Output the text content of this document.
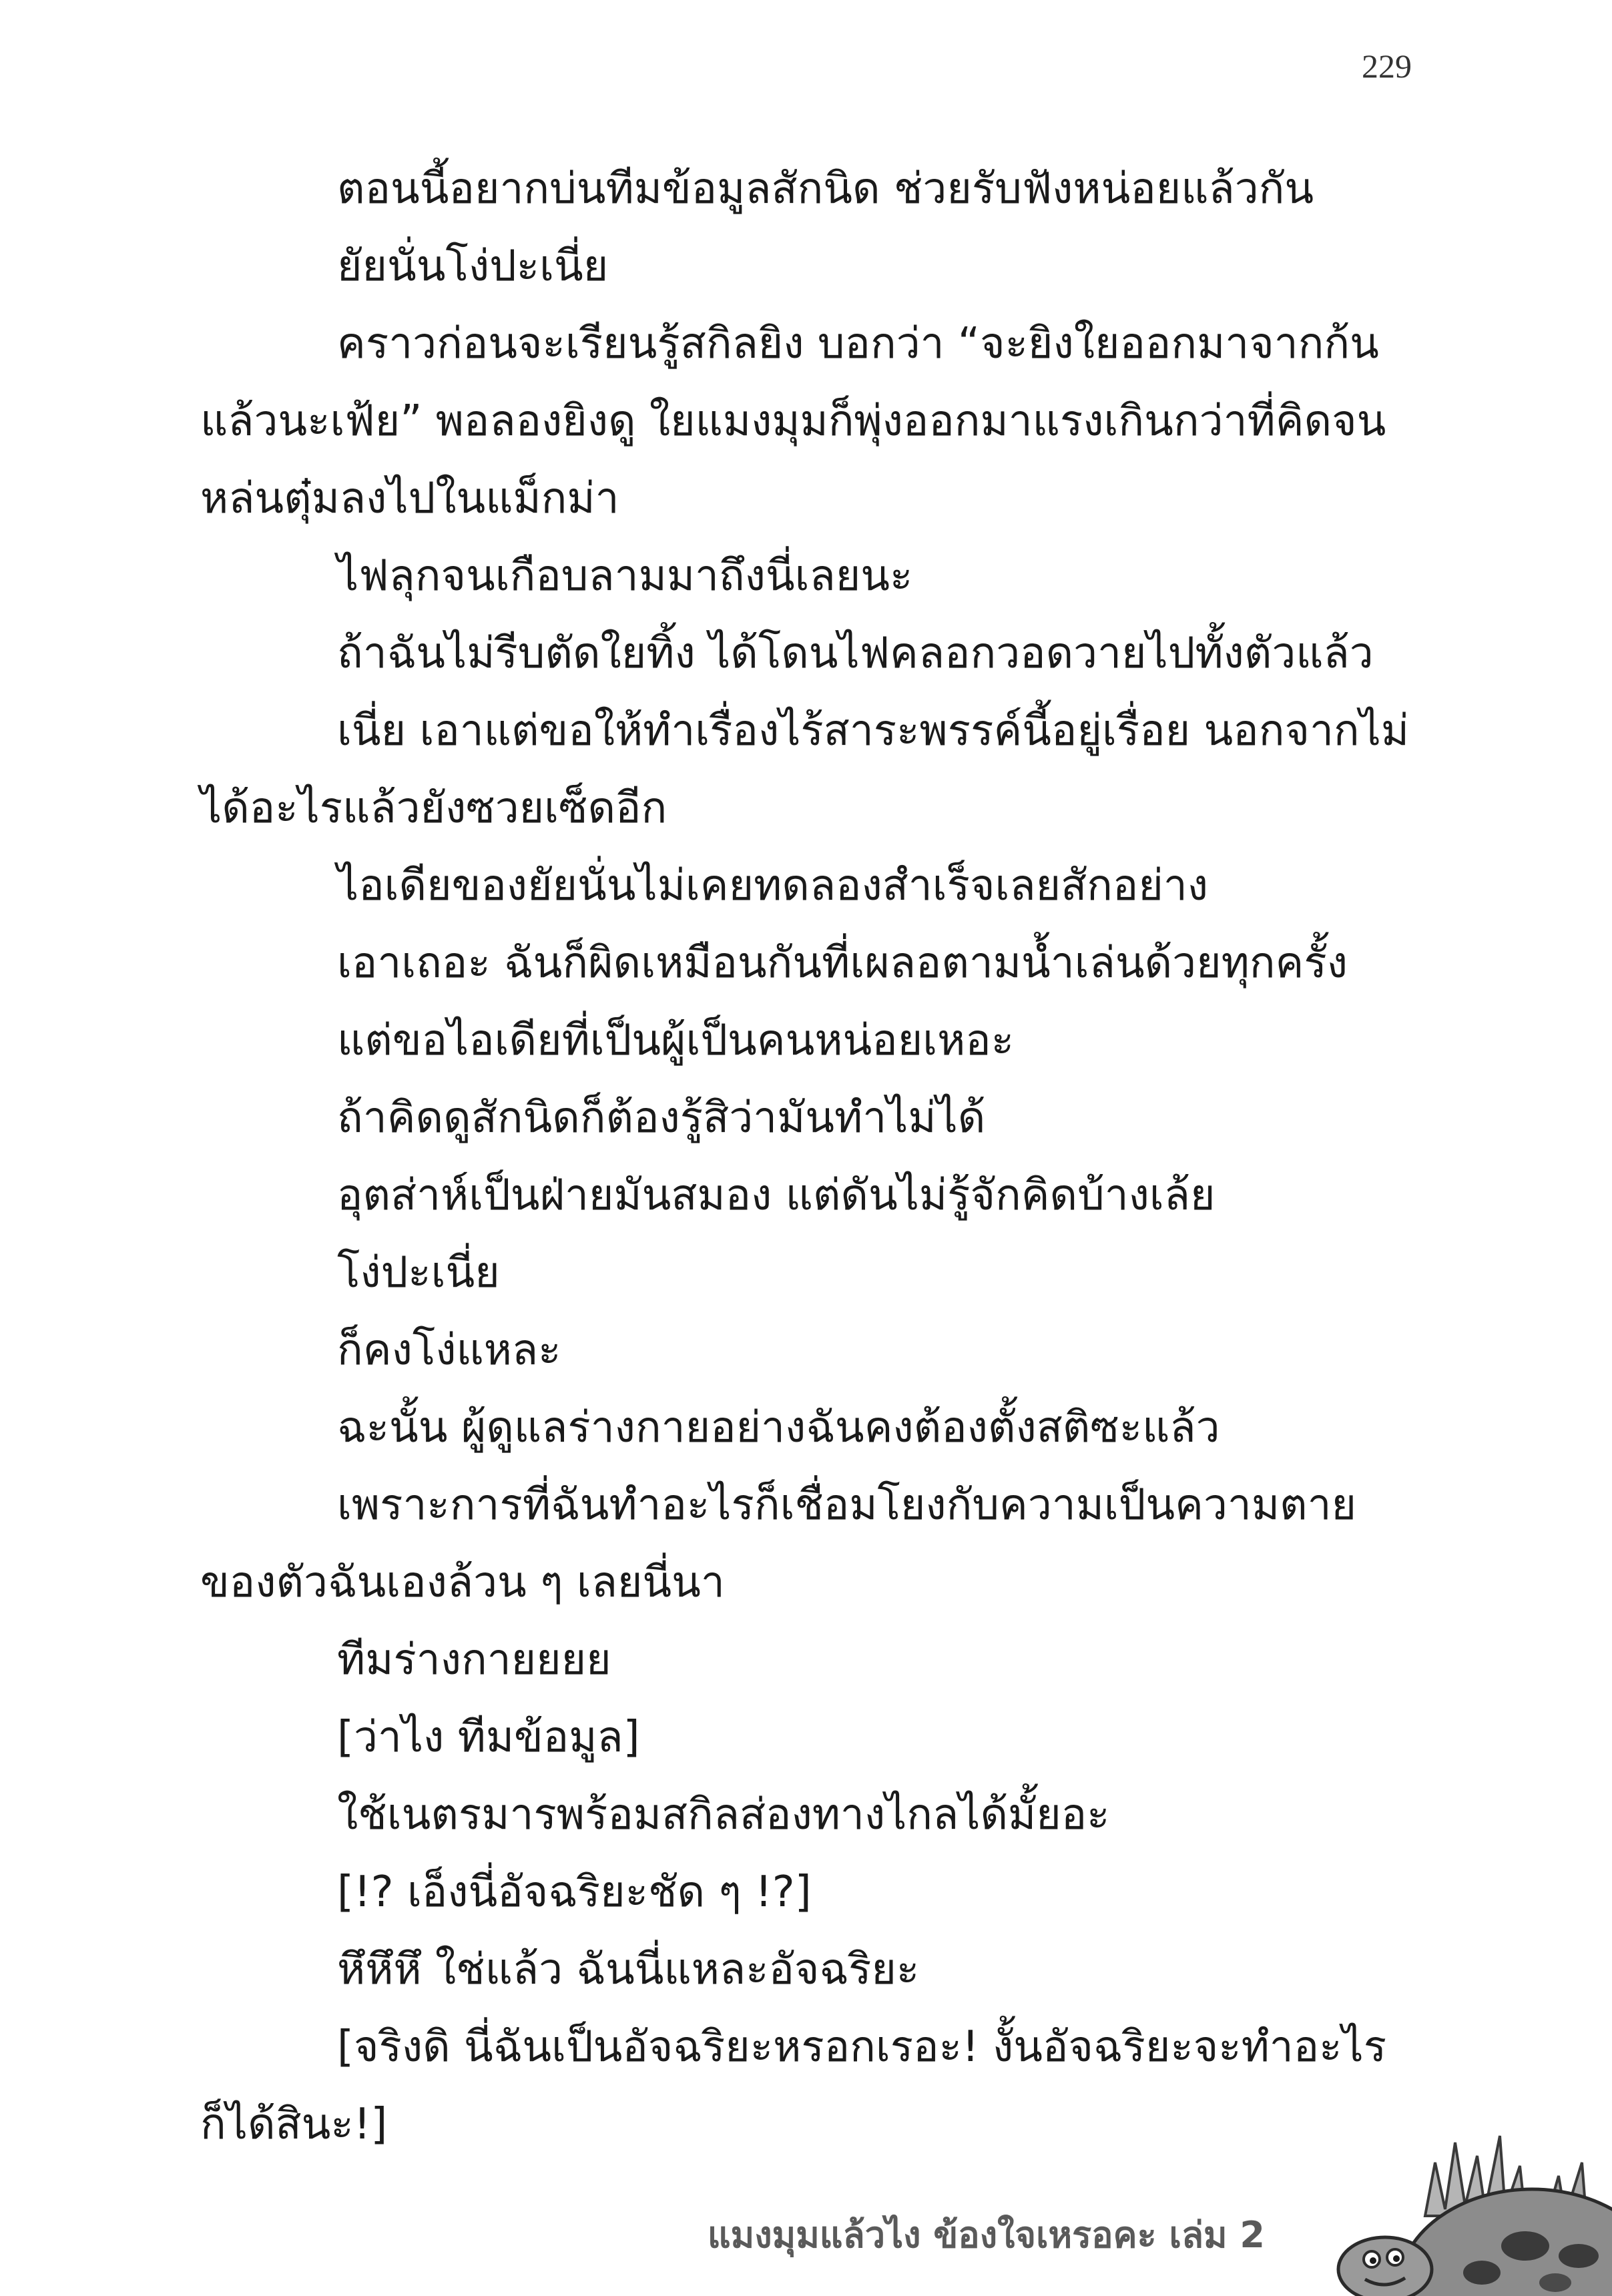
229

ตอนนี้อยากบ่นทีมข้อมูลสักนิด ช่วยรับฟังหน่อยแล้วกัน

ยัยนั่นโง่ปะเนี่ย

คราวก่อนจะเรียนรู้สกิลยิง บอกว่า “จะยิงใยออกมาจากก้นแล้วนะเฟ้ย” พอลองยิงดู ใยแมงมุมก็พุ่งออกมาแรงเกินกว่าที่คิดจนหล่นตุ๋มลงไปในแม็กม่า

ไฟลุกจนเกือบลามมาถึงนี่เลยนะ

ถ้าฉันไม่รีบตัดใยทิ้ง ได้โดนไฟคลอกวอดวายไปทั้งตัวแล้ว

เนี่ย เอาแต่ขอให้ทำเรื่องไร้สาระพรรค์นี้อยู่เรื่อย นอกจากไม่ได้อะไรแล้วยังซวยเซ็ดอีก

ไอเดียของยัยนั่นไม่เคยทดลองสำเร็จเลยสักอย่าง

เอาเถอะ ฉันก็ผิดเหมือนกันที่เผลอตามน้ำเล่นด้วยทุกครั้ง

แต่ขอไอเดียที่เป็นผู้เป็นคนหน่อยเหอะ

ถ้าคิดดูสักนิดก็ต้องรู้สิว่ามันทำไม่ได้

อุตส่าห์เป็นฝ่ายมันสมอง แต่ดันไม่รู้จักคิดบ้างเล้ย

โง่ปะเนี่ย

ก็คงโง่แหละ

ฉะนั้น ผู้ดูแลร่างกายอย่างฉันคงต้องตั้งสติซะแล้ว

เพราะการที่ฉันทำอะไรก็เชื่อมโยงกับความเป็นความตายของตัวฉันเองล้วน ๆ เลยนี่นา

ทีมร่างกายยยย

[ว่าไง ทีมข้อมูล]

ใช้เนตรมารพร้อมสกิลส่องทางไกลได้มั้ยอะ

[!? เอ็งนี่อัจฉริยะชัด ๆ !?]

หึหึหึ ใช่แล้ว ฉันนี่แหละอัจฉริยะ

[จริงดิ นี่ฉันเป็นอัจฉริยะหรอกเรอะ! งั้นอัจฉริยะจะทำอะไรก็ได้สินะ!]

แมงมุมแล้วไง ข้องใจเหรอคะ เล่ม 2
